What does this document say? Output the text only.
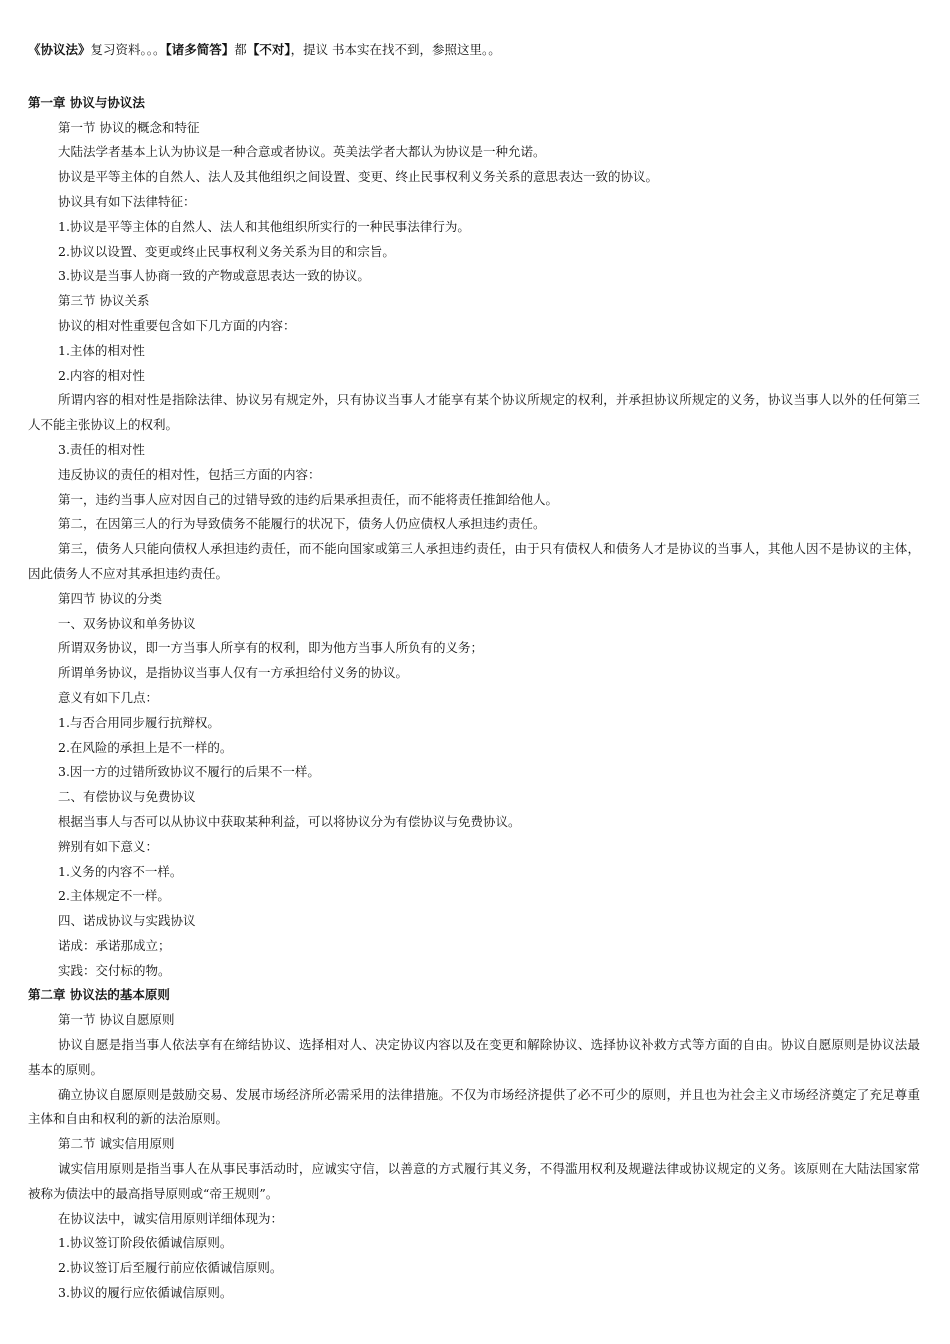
《协议法》复习资料。。。【诸多简答】都【不对】，提议 书本实在找不到，参照这里。。

第一章 协议与协议法

第一节 协议的概念和特征

大陆法学者基本上认为协议是一种合意或者协议。英美法学者大都认为协议是一种允诺。

协议是平等主体的自然人、法人及其他组织之间设置、变更、终止民事权利义务关系的意思表达一致的协议。

协议具有如下法律特征：

1.协议是平等主体的自然人、法人和其他组织所实行的一种民事法律行为。

2.协议以设置、变更或终止民事权利义务关系为目的和宗旨。

3.协议是当事人协商一致的产物或意思表达一致的协议。

第三节 协议关系

协议的相对性重要包含如下几方面的内容：

1.主体的相对性

2.内容的相对性

所谓内容的相对性是指除法律、协议另有规定外，只有协议当事人才能享有某个协议所规定的权利，并承担协议所规定的义务，协议当事人以外的任何第三人不能主张协议上的权利。

3.责任的相对性

违反协议的责任的相对性，包括三方面的内容：

第一，违约当事人应对因自己的过错导致的违约后果承担责任，而不能将责任推卸给他人。

第二，在因第三人的行为导致债务不能履行的状况下，债务人仍应债权人承担违约责任。

第三，债务人只能向债权人承担违约责任，而不能向国家或第三人承担违约责任，由于只有债权人和债务人才是协议的当事人，其他人因不是协议的主体，因此债务人不应对其承担违约责任。

第四节 协议的分类

一、双务协议和单务协议

所谓双务协议，即一方当事人所享有的权利，即为他方当事人所负有的义务；

所谓单务协议，是指协议当事人仅有一方承担给付义务的协议。

意义有如下几点：

1.与否合用同步履行抗辩权。

2.在风险的承担上是不一样的。

3.因一方的过错所致协议不履行的后果不一样。

二、有偿协议与免费协议

根据当事人与否可以从协议中获取某种利益，可以将协议分为有偿协议与免费协议。

辨别有如下意义：

1.义务的内容不一样。

2.主体规定不一样。

四、诺成协议与实践协议

诺成：承诺那成立；

实践：交付标的物。

第二章 协议法的基本原则

第一节 协议自愿原则

协议自愿是指当事人依法享有在缔结协议、选择相对人、决定协议内容以及在变更和解除协议、选择协议补救方式等方面的自由。协议自愿原则是协议法最基本的原则。

确立协议自愿原则是鼓励交易、发展市场经济所必需采用的法律措施。不仅为市场经济提供了必不可少的原则，并且也为社会主义市场经济奠定了充足尊重主体和自由和权利的新的法治原则。

第二节 诚实信用原则

诚实信用原则是指当事人在从事民事活动时，应诚实守信，以善意的方式履行其义务，不得滥用权利及规避法律或协议规定的义务。该原则在大陆法国家常被称为债法中的最高指导原则或“帝王规则”。

在协议法中，诚实信用原则详细体现为：

1.协议签订阶段依循诚信原则。

2.协议签订后至履行前应依循诚信原则。

3.协议的履行应依循诚信原则。
